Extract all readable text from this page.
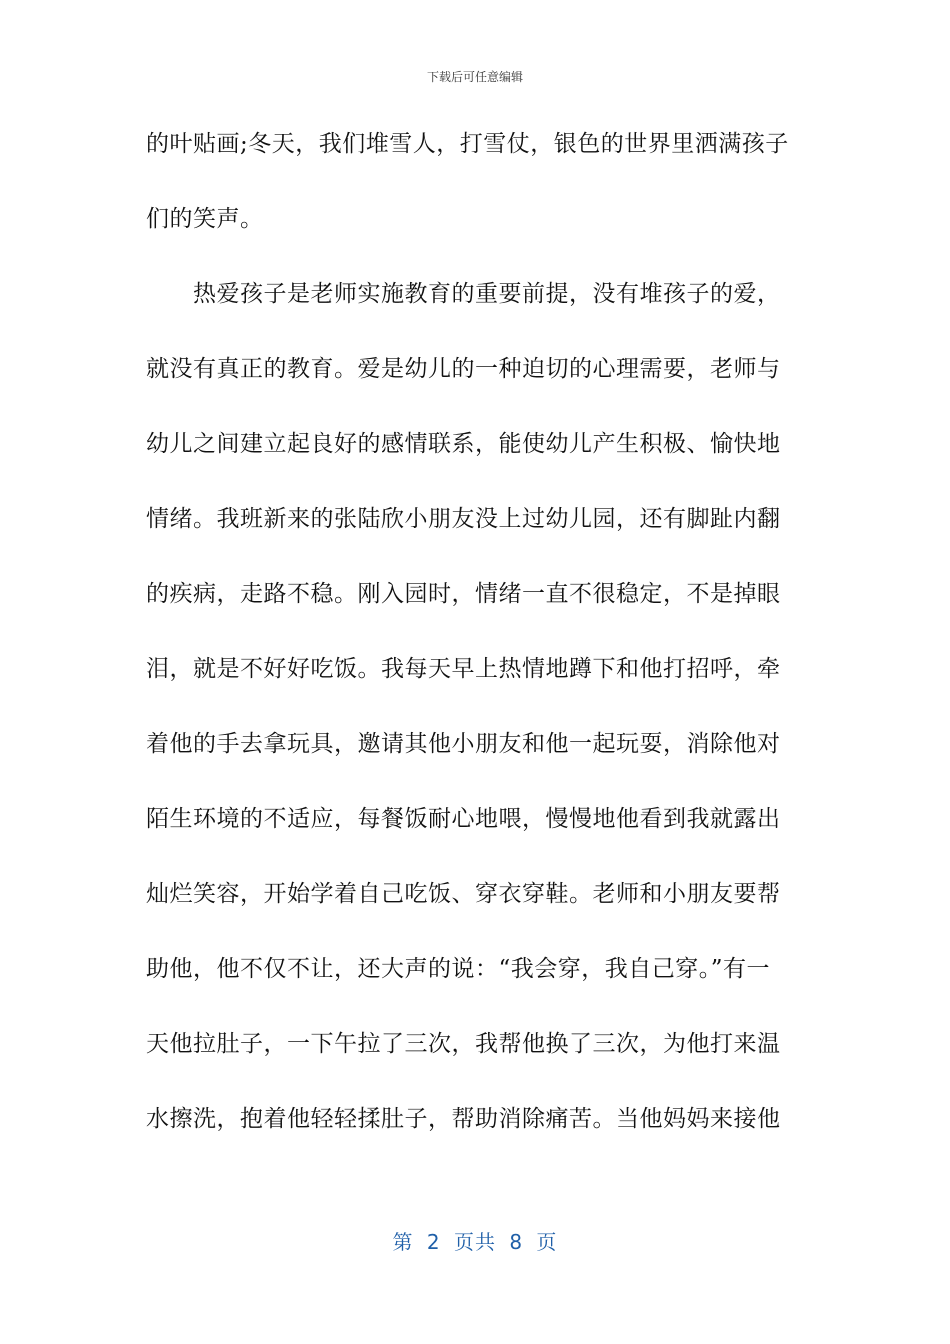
下载后可任意编辑
的叶贴画;冬天，我们堆雪人，打雪仗，银色的世界里洒满孩子
们的笑声。
热爱孩子是老师实施教育的重要前提，没有堆孩子的爱，
就没有真正的教育。爱是幼儿的一种迫切的心理需要，老师与
幼儿之间建立起良好的感情联系，能使幼儿产生积极、愉快地
情绪。我班新来的张陆欣小朋友没上过幼儿园，还有脚趾内翻
的疾病，走路不稳。刚入园时，情绪一直不很稳定，不是掉眼
泪，就是不好好吃饭。我每天早上热情地蹲下和他打招呼，牵
着他的手去拿玩具，邀请其他小朋友和他一起玩耍，消除他对
陌生环境的不适应，每餐饭耐心地喂，慢慢地他看到我就露出
灿烂笑容，开始学着自己吃饭、穿衣穿鞋。老师和小朋友要帮
助他，他不仅不让，还大声的说：“我会穿，我自己穿。”有一
天他拉肚子，一下午拉了三次，我帮他换了三次，为他打来温
水擦洗，抱着他轻轻揉肚子，帮助消除痛苦。当他妈妈来接他
第 2 页共 8 页
